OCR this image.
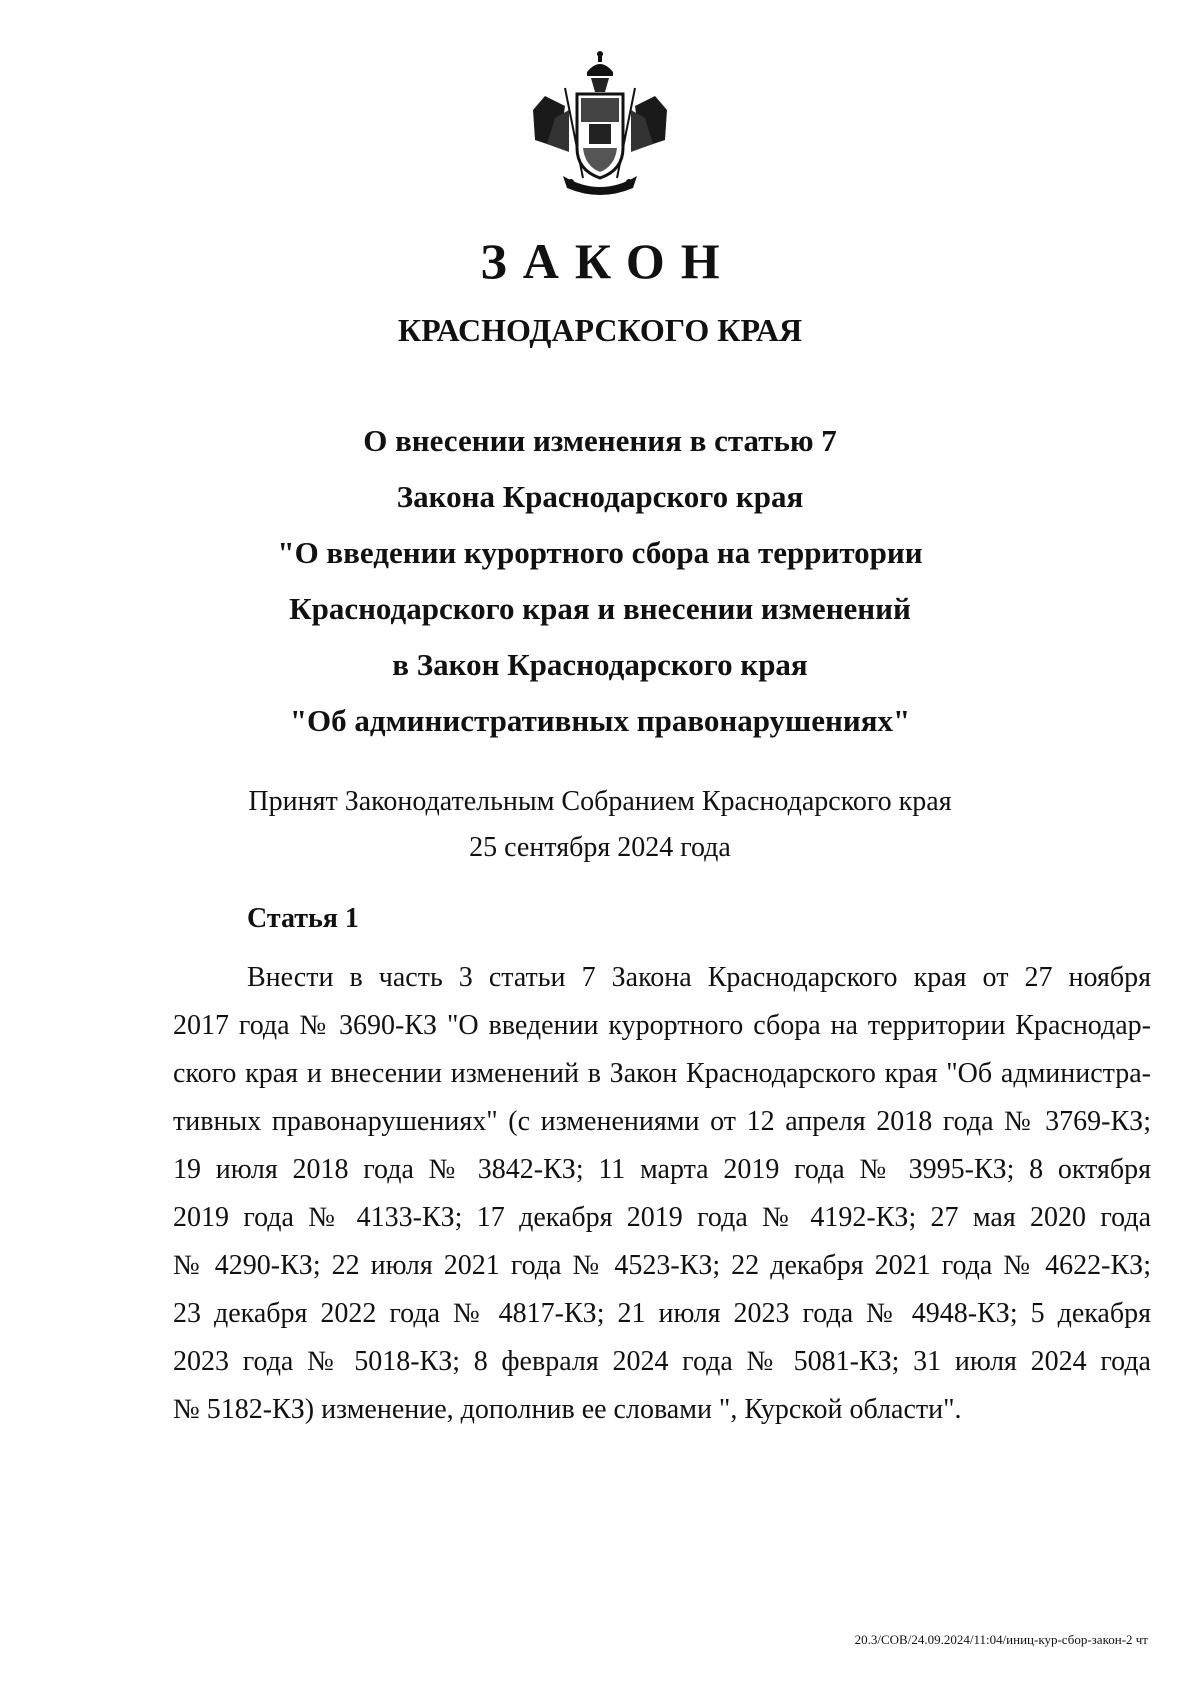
ЗАКОН
КРАСНОДАРСКОГО КРАЯ
О внесении изменения в статью 7
Закона Краснодарского края
"О введении курортного сбора на территории
Краснодарского края и внесении изменений
в Закон Краснодарского края
"Об административных правонарушениях"
Принят Законодательным Собранием Краснодарского края
25 сентября 2024 года
Статья 1
Внести в часть 3 статьи 7 Закона Краснодарского края от 27 ноября
2017 года № 3690-КЗ "О введении курортного сбора на территории Краснодар-
ского края и внесении изменений в Закон Краснодарского края "Об администра-
тивных правонарушениях" (с изменениями от 12 апреля 2018 года № 3769-КЗ;
19 июля 2018 года № 3842-КЗ; 11 марта 2019 года № 3995-КЗ; 8 октября
2019 года № 4133-КЗ; 17 декабря 2019 года № 4192-КЗ; 27 мая 2020 года
№ 4290-КЗ; 22 июля 2021 года № 4523-КЗ; 22 декабря 2021 года № 4622-КЗ;
23 декабря 2022 года № 4817-КЗ; 21 июля 2023 года № 4948-КЗ; 5 декабря
2023 года № 5018-КЗ; 8 февраля 2024 года № 5081-КЗ; 31 июля 2024 года
№ 5182-КЗ) изменение, дополнив ее словами ", Курской области".
20.3/СОВ/24.09.2024/11:04/иниц-кур-сбор-закон-2 чт
